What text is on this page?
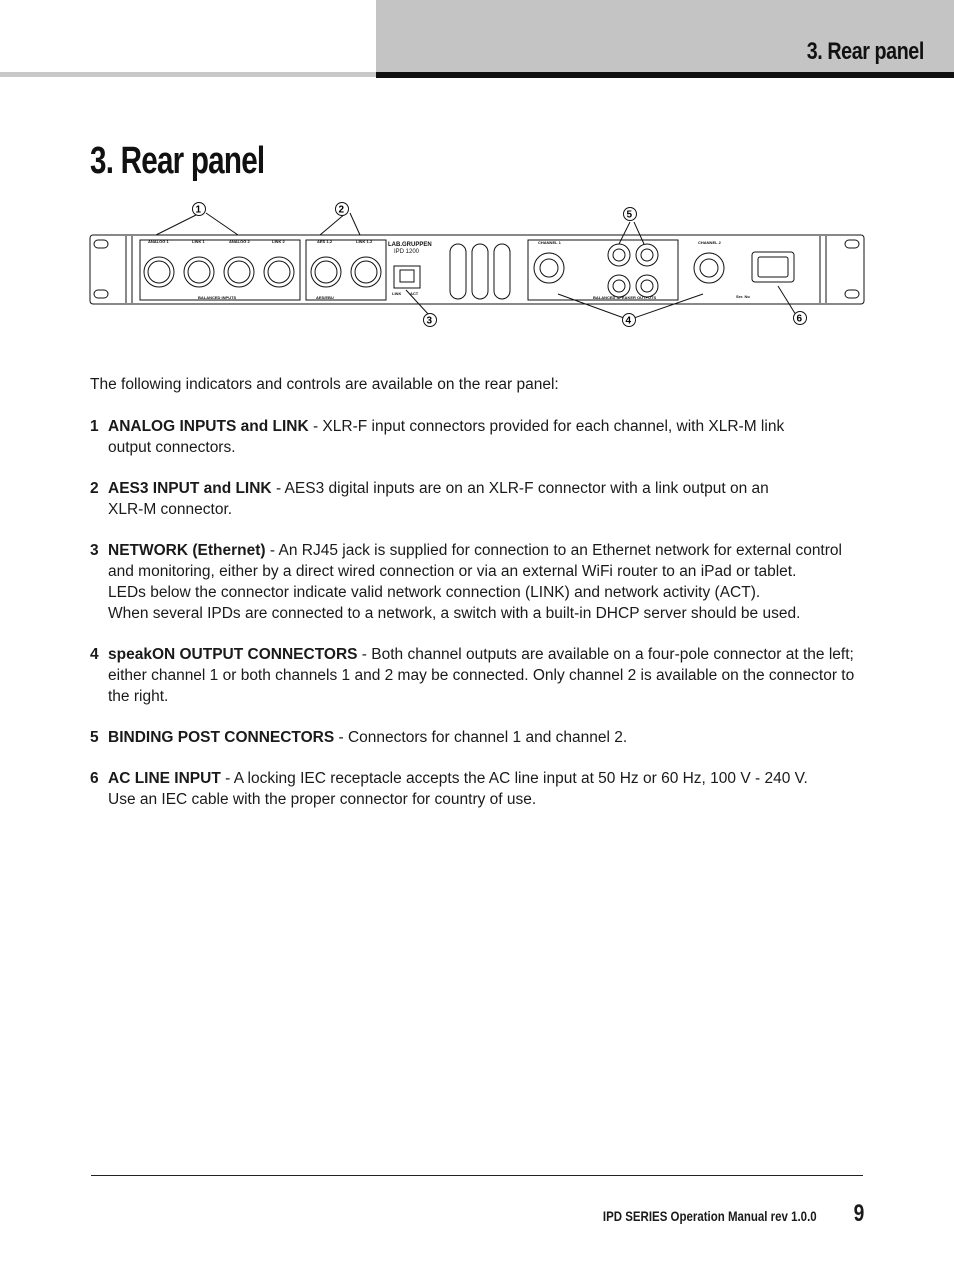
3. Rear panel
3. Rear panel
ANALOG 1	LINK 1	ANALOG 2	LINK 2	AES 1-2	LINK 1-2
LAB.GRUPPEN
IPD 1200
CHANNEL 1	CHANNEL 2
BALANCED INPUTS	AES/EBU
LINK ACT
BALANCED SPEAKER OUTPUTS	Ser. No
1	2
3	4
5
6
The following indicators and controls are available on the rear panel:
1 ANALOG INPUTS and LINK - XLR-F input connectors provided for each channel, with XLR-M link

output connectors.

2 AES3 INPUT and LINK - AES3 digital inputs are on an XLR-F connector with a link output on an

XLR-M connector.

3 NETWORK (Ethernet) - An RJ45 jack is supplied for connection to an Ethernet network for external control

and monitoring, either by a direct wired connection or via an external WiFi router to an iPad or tablet.

LEDs below the connector indicate valid network connection (LINK) and network activity (ACT).

When several IPDs are connected to a network, a switch with a built-in DHCP server should be used.

4 speakON OUTPUT CONNECTORS - Both channel outputs are available on a four-pole connector at the left;

either channel 1 or both channels 1 and 2 may be connected. Only channel 2 is available on the connector to

the right.

5 BINDING POST CONNECTORS - Connectors for channel 1 and channel 2.

6 AC LINE INPUT - A locking IEC receptacle accepts the AC line input at 50 Hz or 60 Hz, 100 V - 240 V.

Use an IEC cable with the proper connector for country of use.

IPD SERIES Operation Manual rev 1.0.0 9
